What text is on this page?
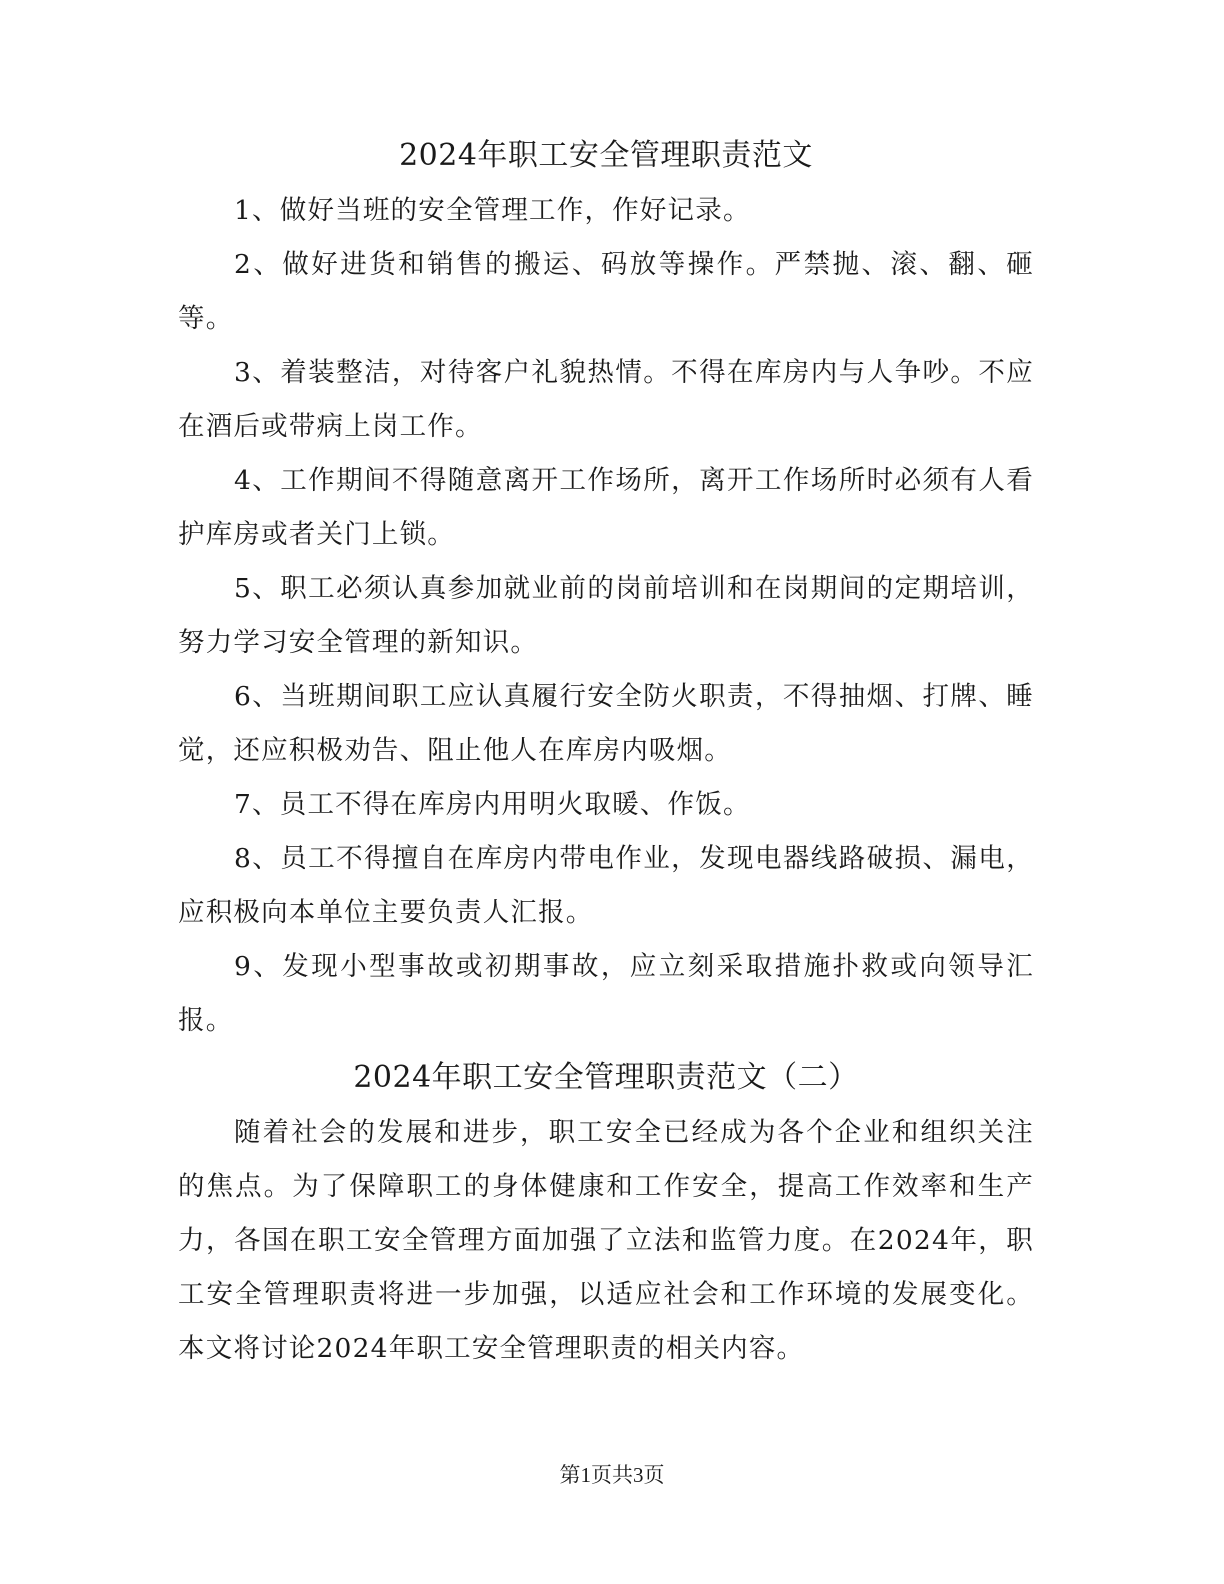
2024年职工安全管理职责范文

1、做好当班的安全管理工作，作好记录。

2、做好进货和销售的搬运、码放等操作。严禁抛、滚、翻、砸等。

3、着装整洁，对待客户礼貌热情。不得在库房内与人争吵。不应在酒后或带病上岗工作。

4、工作期间不得随意离开工作场所，离开工作场所时必须有人看护库房或者关门上锁。

5、职工必须认真参加就业前的岗前培训和在岗期间的定期培训，努力学习安全管理的新知识。

6、当班期间职工应认真履行安全防火职责，不得抽烟、打牌、睡觉，还应积极劝告、阻止他人在库房内吸烟。

7、员工不得在库房内用明火取暖、作饭。

8、员工不得擅自在库房内带电作业，发现电器线路破损、漏电，应积极向本单位主要负责人汇报。

9、发现小型事故或初期事故，应立刻采取措施扑救或向领导汇报。

2024年职工安全管理职责范文（二）

随着社会的发展和进步，职工安全已经成为各个企业和组织关注的焦点。为了保障职工的身体健康和工作安全，提高工作效率和生产力，各国在职工安全管理方面加强了立法和监管力度。在2024年，职工安全管理职责将进一步加强，以适应社会和工作环境的发展变化。本文将讨论2024年职工安全管理职责的相关内容。

第1页共3页
